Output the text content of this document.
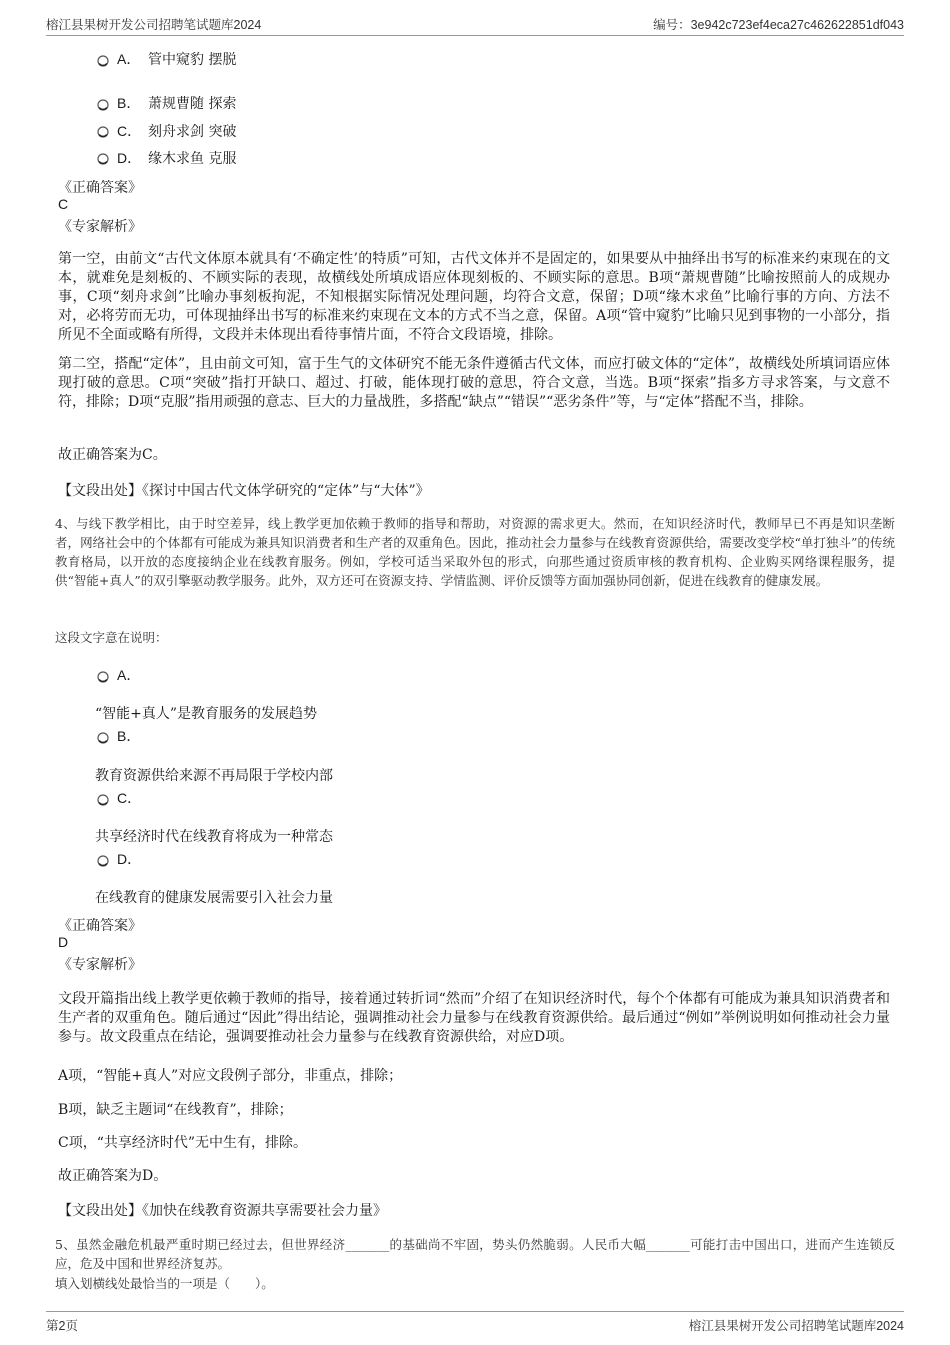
榕江县果树开发公司招聘笔试题库2024	编号：3e942c723ef4eca27c462622851df043
A． 管中窥豹 摆脱
B． 萧规曹随 探索
C． 刻舟求剑 突破
D． 缘木求鱼 克服
《正确答案》
C
《专家解析》
第一空，由前文“古代文体原本就具有‘不确定性’的特质”可知，古代文体并不是固定的，如果要从中抽绎出书写的标准来约束现在的文本，就难免是刻板的、不顾实际的表现，故横线处所填成语应体现刻板的、不顾实际的意思。B项“萧规曹随”比喻按照前人的成规办事，C项“刻舟求剑”比喻办事刻板拘泥，不知根据实际情况处理问题，均符合文意，保留；D项“缘木求鱼”比喻行事的方向、方法不对，必将劳而无功，可体现抽绎出书写的标准来约束现在文本的方式不当之意，保留。A项“管中窥豹”比喻只见到事物的一小部分，指所见不全面或略有所得，文段并未体现出看待事情片面，不符合文段语境，排除。
第二空，搭配“定体”，且由前文可知，富于生气的文体研究不能无条件遵循古代文体，而应打破文体的“定体”，故横线处所填词语应体现打破的意思。C项“突破”指打开缺口、超过、打破，能体现打破的意思，符合文意，当选。B项“探索”指多方寻求答案，与文意不符，排除；D项“克服”指用顽强的意志、巨大的力量战胜，多搭配“缺点”“错误”“恶劣条件”等，与“定体”搭配不当，排除。
故正确答案为C。
【文段出处】《探讨中国古代文体学研究的“定体”与“大体”》
4、与线下教学相比，由于时空差异，线上教学更加依赖于教师的指导和帮助，对资源的需求更大。然而，在知识经济时代，教师早已不再是知识垄断者，网络社会中的个体都有可能成为兼具知识消费者和生产者的双重角色。因此，推动社会力量参与在线教育资源供给，需要改变学校“单打独斗”的传统教育格局，以开放的态度接纳企业在线教育服务。例如，学校可适当采取外包的形式，向那些通过资质审核的教育机构、企业购买网络课程服务，提供“智能+真人”的双引擎驱动教学服务。此外，双方还可在资源支持、学情监测、评价反馈等方面加强协同创新，促进在线教育的健康发展。
这段文字意在说明：
A．
“智能+真人”是教育服务的发展趋势
B．
教育资源供给来源不再局限于学校内部
C．
共享经济时代在线教育将成为一种常态
D．
在线教育的健康发展需要引入社会力量
《正确答案》
D
《专家解析》
文段开篇指出线上教学更依赖于教师的指导，接着通过转折词“然而”介绍了在知识经济时代，每个个体都有可能成为兼具知识消费者和生产者的双重角色。随后通过“因此”得出结论，强调推动社会力量参与在线教育资源供给。最后通过“例如”举例说明如何推动社会力量参与。故文段重点在结论，强调要推动社会力量参与在线教育资源供给，对应D项。
A项，“智能+真人”对应文段例子部分，非重点，排除；
B项，缺乏主题词“在线教育”，排除；
C项，“共享经济时代”无中生有，排除。
故正确答案为D。
【文段出处】《加快在线教育资源共享需要社会力量》
5、虽然金融危机最严重时期已经过去，但世界经济_______的基础尚不牢固，势头仍然脆弱。人民币大幅_______可能打击中国出口，进而产生连锁反应，危及中国和世界经济复苏。
填入划横线处最恰当的一项是（　　）。
第2页	榕江县果树开发公司招聘笔试题库2024
